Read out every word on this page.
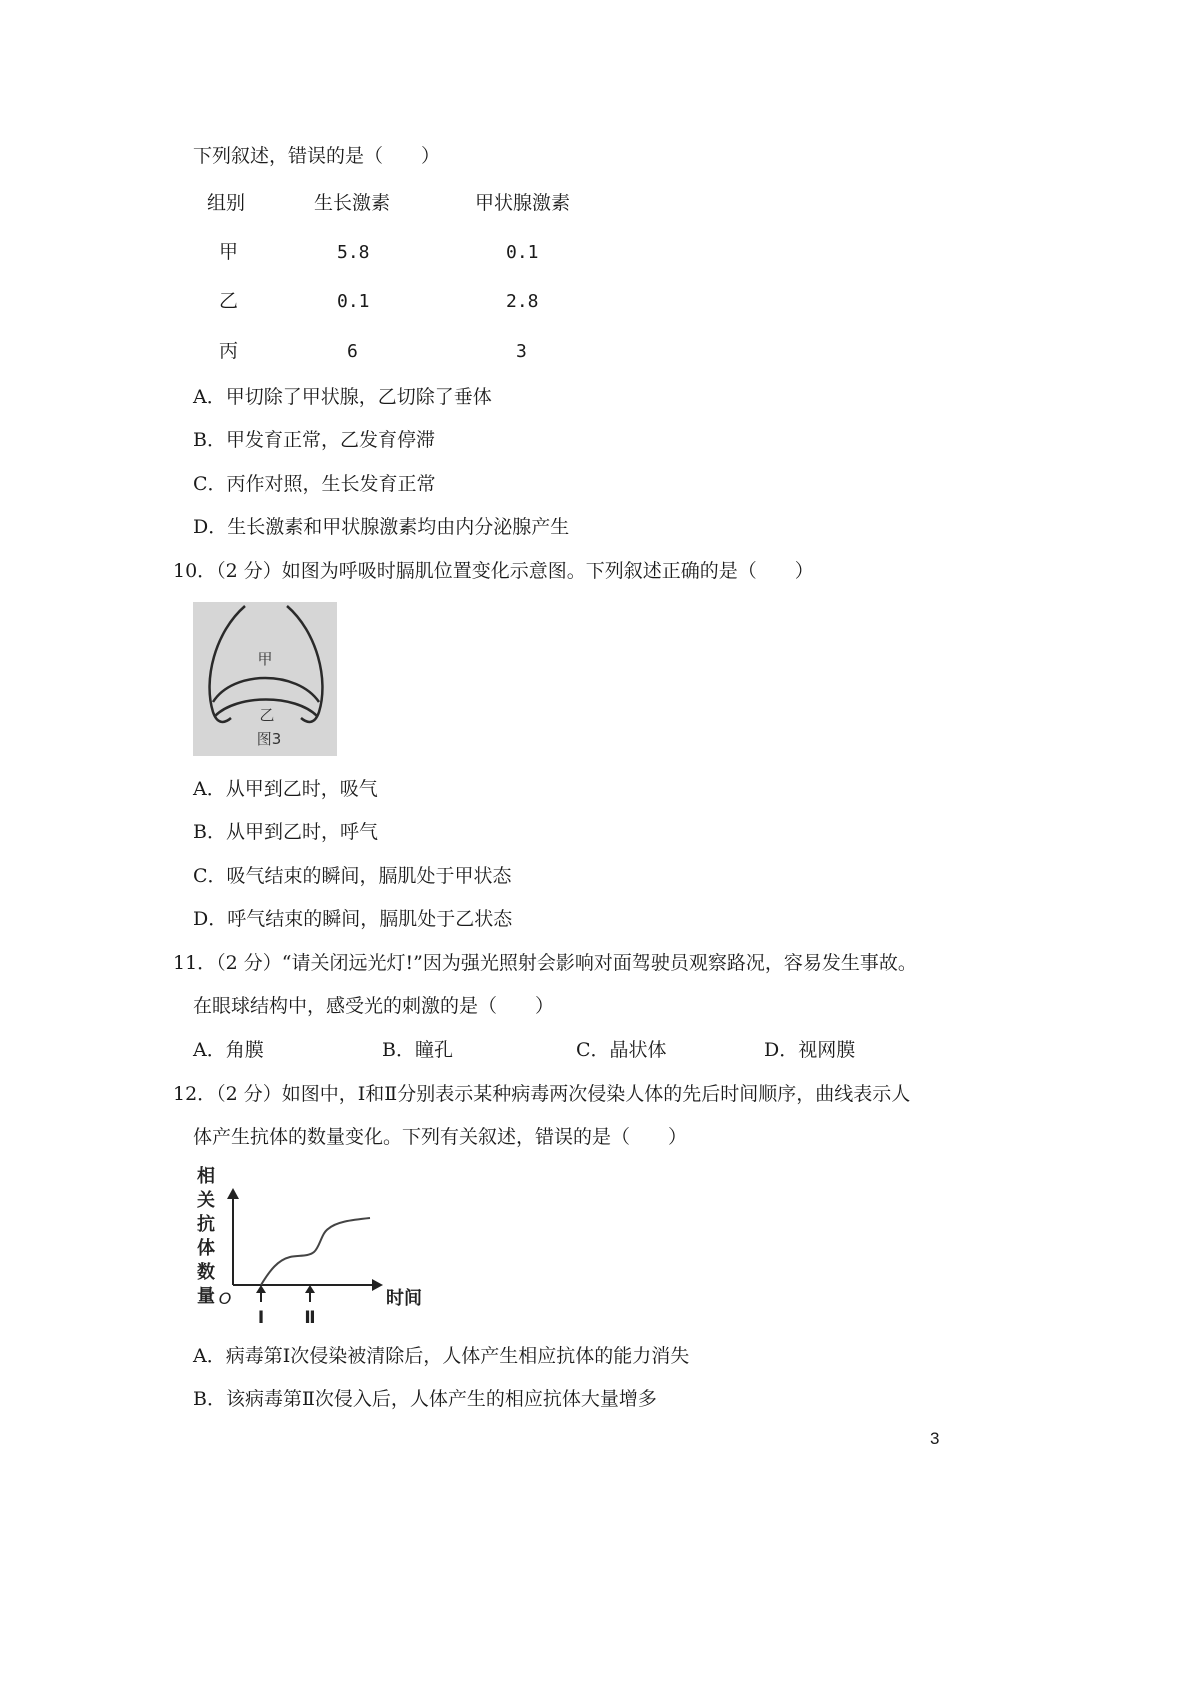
下列叙述，错误的是（　　）
组别	生长激素	甲状腺激素
甲	5.8	0.1
乙	0.1	2.8
丙	6	3
A．甲切除了甲状腺，乙切除了垂体
B．甲发育正常，乙发育停滞
C．丙作对照，生长发育正常
D．生长激素和甲状腺激素均由内分泌腺产生
10．（2 分）如图为呼吸时膈肌位置变化示意图。下列叙述正确的是（　　）
甲
乙
图3
A．从甲到乙时，吸气
B．从甲到乙时，呼气
C．吸气结束的瞬间，膈肌处于甲状态
D．呼气结束的瞬间，膈肌处于乙状态
11．（2 分）“请关闭远光灯!”因为强光照射会影响对面驾驶员观察路况，容易发生事故。
在眼球结构中，感受光的刺激的是（　　）
A．角膜	B．瞳孔	C．晶状体	D．视网膜
12．（2 分）如图中，Ⅰ和Ⅱ分别表示某种病毒两次侵染人体的先后时间顺序，曲线表示人
体产生抗体的数量变化。下列有关叙述，错误的是（　　）
相
关
抗
体
数
量 O	时间
Ⅰ Ⅱ
A．病毒第Ⅰ次侵染被清除后，人体产生相应抗体的能力消失
B．该病毒第Ⅱ次侵入后，人体产生的相应抗体大量增多
3
